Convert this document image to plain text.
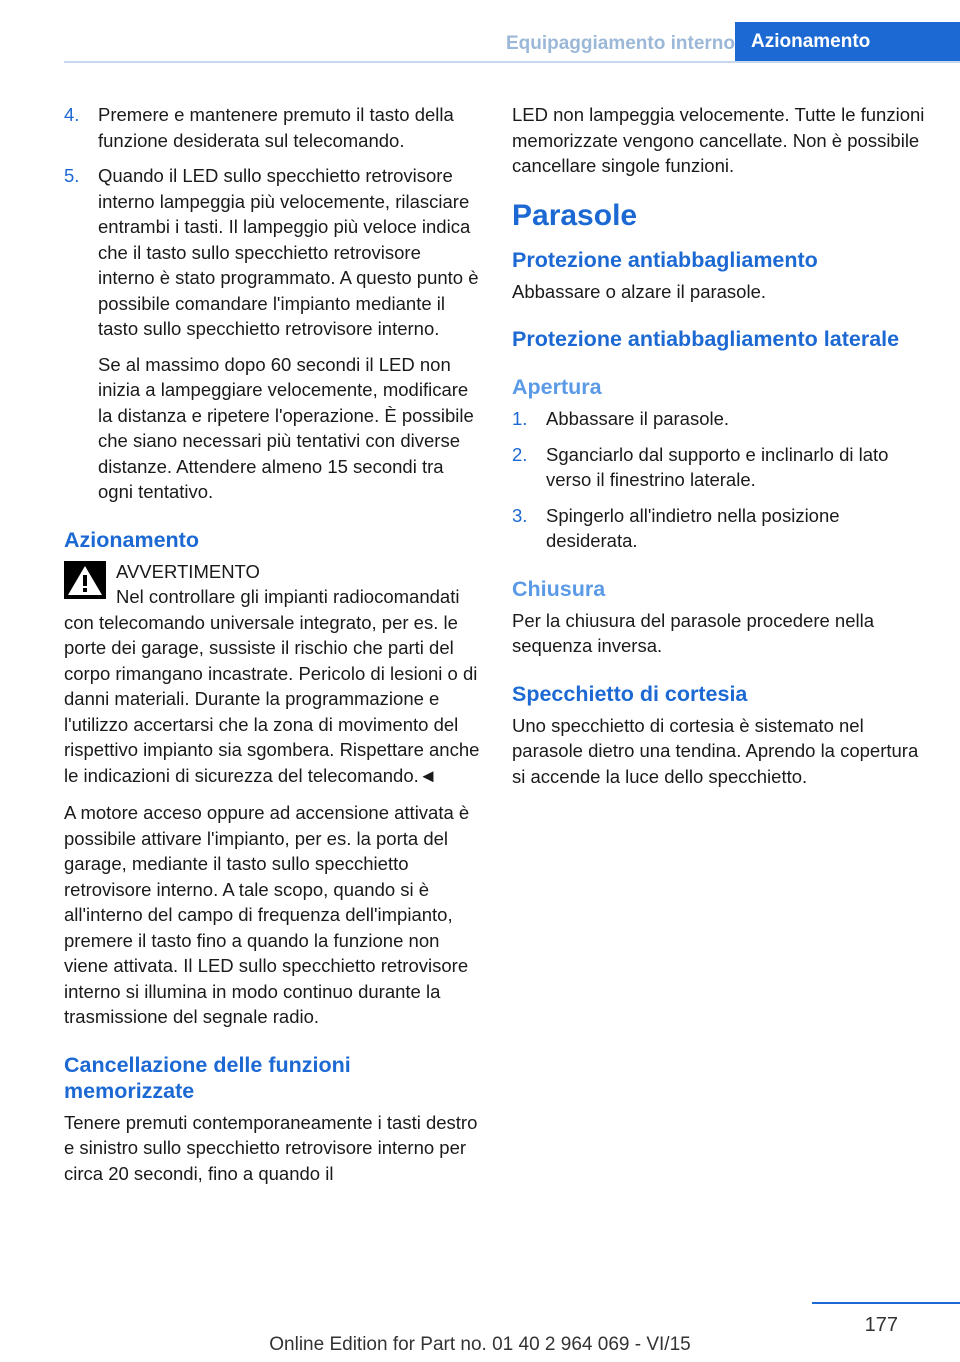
Equipaggiamento interno Azionamento
4. Premere e mantenere premuto il tasto della funzione desiderata sul telecomando.

5. Quando il LED sullo specchietto retrovisore interno lampeggia più velocemente, rilasciare entrambi i tasti. Il lampeggio più veloce indica che il tasto sullo specchietto retrovisore interno è stato programmato. A questo punto è possibile comandare l'impianto mediante il tasto sullo specchietto retrovisore interno.

Se al massimo dopo 60 secondi il LED non inizia a lampeggiare velocemente, modificare la distanza e ripetere l'operazione. È possibile che siano necessari più tentativi con diverse distanze. Attendere almeno 15 secondi tra ogni tentativo.

Azionamento

AVVERTIMENTO

Nel controllare gli impianti radiocomandati con telecomando universale integrato, per es. le porte dei garage, sussiste il rischio che parti del corpo rimangano incastrate. Pericolo di lesioni o di danni materiali. Durante la programmazione e l'utilizzo accertarsi che la zona di movimento del rispettivo impianto sia sgombera. Rispettare anche le indicazioni di sicurezza del telecomando.◄

A motore acceso oppure ad accensione attivata è possibile attivare l'impianto, per es. la porta del garage, mediante il tasto sullo specchietto retrovisore interno. A tale scopo, quando si è all'interno del campo di frequenza dell'impianto, premere il tasto fino a quando la funzione non viene attivata. Il LED sullo specchietto retrovisore interno si illumina in modo continuo durante la trasmissione del segnale radio.

Cancellazione delle funzioni memorizzate

Tenere premuti contemporaneamente i tasti destro e sinistro sullo specchietto retrovisore interno per circa 20 secondi, fino a quando il

LED non lampeggia velocemente. Tutte le funzioni memorizzate vengono cancellate. Non è possibile cancellare singole funzioni.

Parasole
Protezione antiabbagliamento

Abbassare o alzare il parasole.

Protezione antiabbagliamento laterale
Apertura
1. Abbassare il parasole.

2. Sganciarlo dal supporto e inclinarlo di lato verso il finestrino laterale.

3. Spingerlo all'indietro nella posizione desiderata.

Chiusura

Per la chiusura del parasole procedere nella sequenza inversa.

Specchietto di cortesia

Uno specchietto di cortesia è sistemato nel parasole dietro una tendina. Aprendo la copertura si accende la luce dello specchietto.

177
Online Edition for Part no. 01 40 2 964 069 - VI/15
